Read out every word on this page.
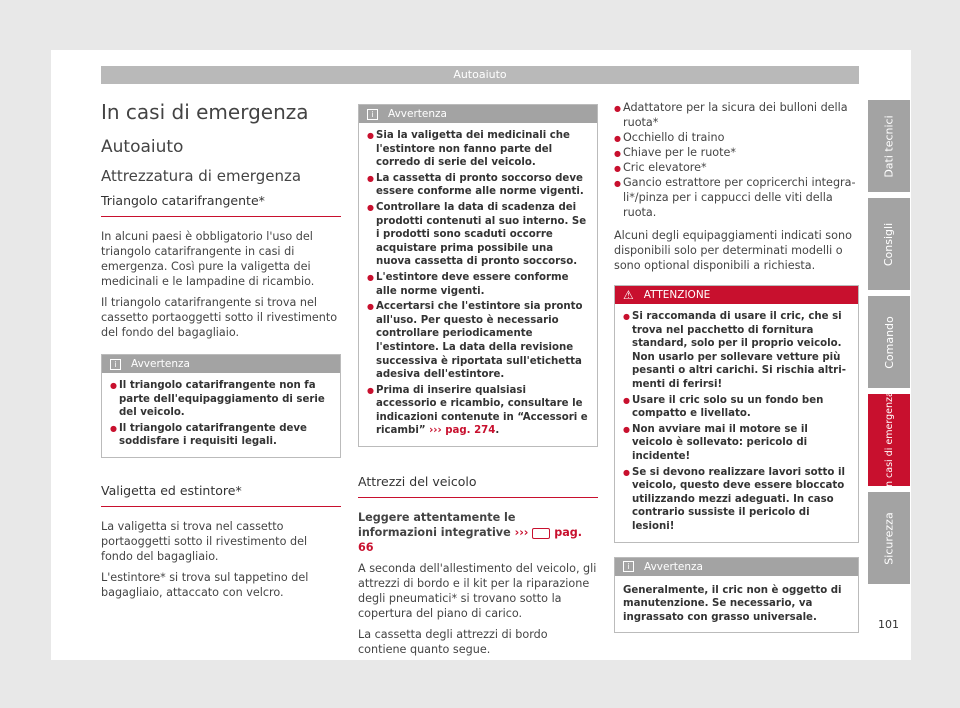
Autoaiuto
In casi di emergenza
Autoaiuto
Attrezzatura di emergenza
Triangolo catarifrangente*

In alcuni paesi è obbligatorio l'uso del triangolo catarifrangente in casi di emergenza. Così pure la valigetta dei medicinali e le lampadine di ricambio.

Il triangolo catarifrangente si trova nel cassetto portaoggetti sotto il rivestimento del fondo del bagagliaio.

i	Avvertenza
● Il triangolo catarifrangente non fa parte dell'equipaggiamento di serie del veicolo.
● Il triangolo catarifrangente deve soddisfare i requisiti legali.
Valigetta ed estintore*

La valigetta si trova nel cassetto portaoggetti sotto il rivestimento del fondo del bagagliaio.

L'estintore* si trova sul tappetino del bagagliaio, attaccato con velcro.

i	Avvertenza
● Sia la valigetta dei medicinali che l'estintore non fanno parte del corredo di serie del veicolo.
● La cassetta di pronto soccorso deve essere conforme alle norme vigenti.
● Controllare la data di scadenza dei prodotti contenuti al suo interno. Se i prodotti sono scaduti occorre acquistare prima possibile una nuova cassetta di pronto soccorso.
● L'estintore deve essere conforme alle norme vigenti.
● Accertarsi che l'estintore sia pronto all'uso. Per questo è necessario controllare periodicamente l'estintore. La data della revisione successiva è riportata sull'etichetta adesiva dell'estintore.
● Prima di inserire qualsiasi accessorio e ricambio, consultare le indicazioni contenute in “Accessori e ricambi” ››› pag. 274.
Attrezzi del veicolo

Leggere attentamente le informazioni integrative ›››  pag. 66

A seconda dell'allestimento del veicolo, gli attrezzi di bordo e il kit per la riparazione degli pneumatici* si trovano sotto la copertura del piano di carico.

La cassetta degli attrezzi di bordo contiene quanto segue.

● Adattatore per la sicura dei bulloni della ruota*
● Occhiello di traino
● Chiave per le ruote*
● Cric elevatore*
● Gancio estrattore per copricerchi integrali*/pinza per i cappucci delle viti della ruota.

Alcuni degli equipaggiamenti indicati sono disponibili solo per determinati modelli o sono optional disponibili a richiesta.

⚠ ATTENZIONE
● Si raccomanda di usare il cric, che si trova nel pacchetto di fornitura standard, solo per il proprio veicolo. Non usarlo per sollevare vetture più pesanti o altri carichi. Si rischia altrimenti di ferirsi!
● Usare il cric solo su un fondo ben compatto e livellato.
● Non avviare mai il motore se il veicolo è sollevato: pericolo di incidente!
● Se si devono realizzare lavori sotto il veicolo, questo deve essere bloccato utilizzando mezzi adeguati. In caso contrario sussiste il pericolo di lesioni!
i	Avvertenza
Generalmente, il cric non è oggetto di manutenzione. Se necessario, va ingrassato con grasso universale.
Dati tecnici
Consigli
Comando
In casi di emergenza
Sicurezza
101
